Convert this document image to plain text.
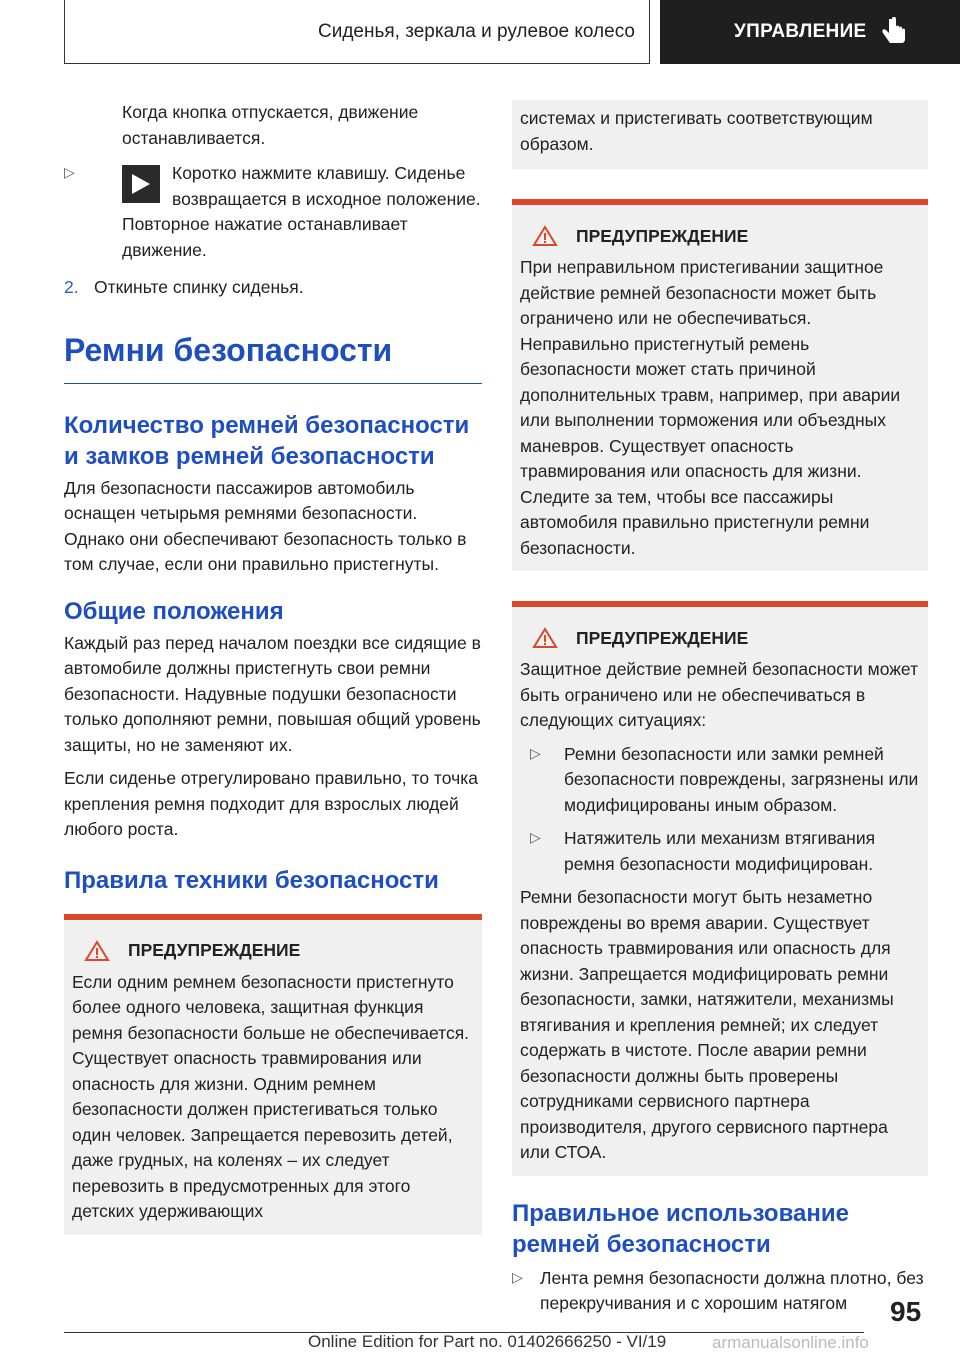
Сиденья, зеркала и рулевое колесо	УПРАВЛЕНИЕ

Когда кнопка отпускается, движение останавливается.

▷	Коротко нажмите клавишу. Сиденье возвращается в исходное положение. Повторное нажатие останавливает движение.

2. Откиньте спинку сиденья.

Ремни безопасности
Количество ремней безопасности и замков ремней безопасности

Для безопасности пассажиров автомобиль оснащен четырьмя ремнями безопасности. Однако они обеспечивают безопасность только в том случае, если они правильно пристегнуты.

Общие положения

Каждый раз перед началом поездки все сидящие в автомобиле должны пристегнуть свои ремни безопасности. Надувные подушки безопасности только дополняют ремни, повышая общий уровень защиты, но не заменяют их.

Если сиденье отрегулировано правильно, то точка крепления ремня подходит для взрослых людей любого роста.

Правила техники безопасности
ПРЕДУПРЕЖДЕНИЕ

Если одним ремнем безопасности пристегнуто более одного человека, защитная функция ремня безопасности больше не обеспечивается. Существует опасность травмирования или опасность для жизни. Одним ремнем безопасности должен пристегиваться только один человек. Запрещается перевозить детей, даже грудных, на коленях – их следует перевозить в предусмотренных для этого детских удерживающих

системах и пристегивать соответствующим образом.

ПРЕДУПРЕЖДЕНИЕ

При неправильном пристегивании защитное действие ремней безопасности может быть ограничено или не обеспечиваться. Неправильно пристегнутый ремень безопасности может стать причиной дополнительных травм, например, при аварии или выполнении торможения или объездных маневров. Существует опасность травмирования или опасность для жизни. Следите за тем, чтобы все пассажиры автомобиля правильно пристегнули ремни безопасности.

ПРЕДУПРЕЖДЕНИЕ

Защитное действие ремней безопасности может быть ограничено или не обеспечиваться в следующих ситуациях:

▷	Ремни безопасности или замки ремней безопасности повреждены, загрязнены или модифицированы иным образом.

▷	Натяжитель или механизм втягивания ремня безопасности модифицирован.

Ремни безопасности могут быть незаметно повреждены во время аварии. Существует опасность травмирования или опасность для жизни. Запрещается модифицировать ремни безопасности, замки, натяжители, механизмы втягивания и крепления ремней; их следует содержать в чистоте. После аварии ремни безопасности должны быть проверены сотрудниками сервисного партнера производителя, другого сервисного партнера или СТОА.

Правильное использование ремней безопасности
▷ Лента ремня безопасности должна плотно, без перекручивания и с хорошим натягом	95
Online Edition for Part no. 01402666250 - VI/19	armanualsonline.info
